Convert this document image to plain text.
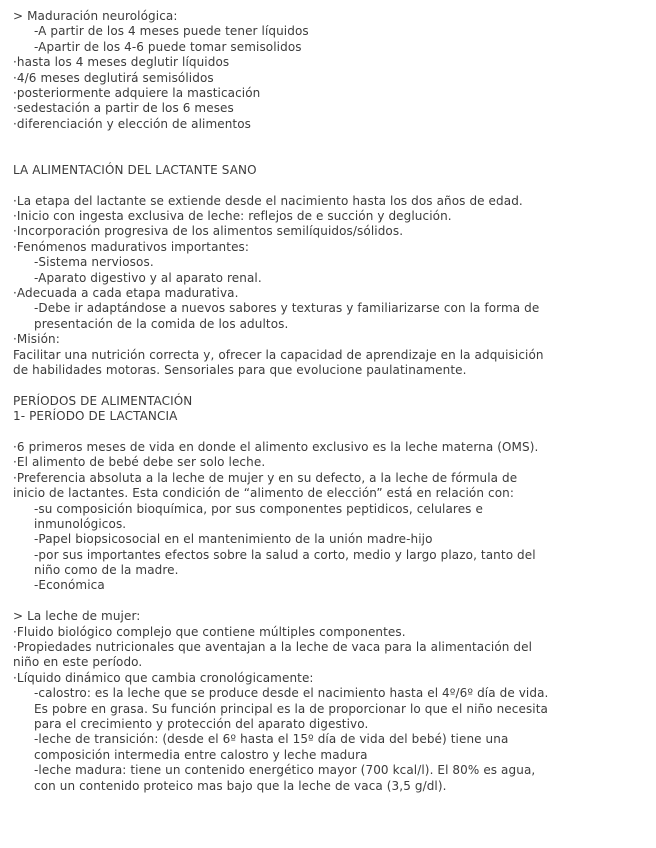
> Maduración neurológica:
-A partir de los 4 meses puede tener líquidos
-Apartir de los 4-6 puede tomar semisolidos
·hasta los 4 meses deglutir líquidos
·4/6 meses deglutirá semisólidos
·posteriormente adquiere la masticación
·sedestación a partir de los 6 meses
·diferenciación y elección de alimentos

LA ALIMENTACIÓN DEL LACTANTE SANO

·La etapa del lactante se extiende desde el nacimiento hasta los dos años de edad.
·Inicio con ingesta exclusiva de leche: reflejos de e succión y deglución.
·Incorporación progresiva de los alimentos semilíquidos/sólidos.
·Fenómenos madurativos importantes:
-Sistema nerviosos.
-Aparato digestivo y al aparato renal.
·Adecuada a cada etapa madurativa.
-Debe ir adaptándose a nuevos sabores y texturas y familiarizarse con la forma de
presentación de la comida de los adultos.
·Misión:
Facilitar una nutrición correcta y, ofrecer la capacidad de aprendizaje en la adquisición
de habilidades motoras. Sensoriales para que evolucione paulatinamente.

PERÍODOS DE ALIMENTACIÓN
1- PERÍODO DE LACTANCIA

·6 primeros meses de vida en donde el alimento exclusivo es la leche materna (OMS).
·El alimento de bebé debe ser solo leche.
·Preferencia absoluta a la leche de mujer y en su defecto, a la leche de fórmula de
inicio de lactantes. Esta condición de “alimento de elección” está en relación con:
-su composición bioquímica, por sus componentes peptidicos, celulares e
inmunológicos.
-Papel biopsicosocial en el mantenimiento de la unión madre-hijo
-por sus importantes efectos sobre la salud a corto, medio y largo plazo, tanto del
niño como de la madre.
-Económica

> La leche de mujer:
·Fluido biológico complejo que contiene múltiples componentes.
·Propiedades nutricionales que aventajan a la leche de vaca para la alimentación del
niño en este período.
·Líquido dinámico que cambia cronológicamente:
-calostro: es la leche que se produce desde el nacimiento hasta el 4º/6º día de vida.
Es pobre en grasa. Su función principal es la de proporcionar lo que el niño necesita
para el crecimiento y protección del aparato digestivo.
-leche de transición: (desde el 6º hasta el 15º día de vida del bebé) tiene una
composición intermedia entre calostro y leche madura
-leche madura: tiene un contenido energético mayor (700 kcal/l). El 80% es agua,
con un contenido proteico mas bajo que la leche de vaca (3,5 g/dl).
